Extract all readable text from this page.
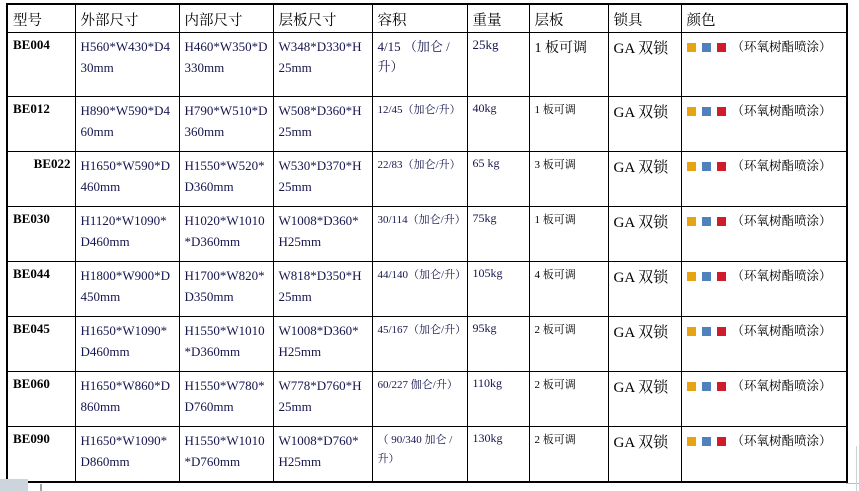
型号	外部尺寸	内部尺寸	层板尺寸	容积	重量	层板	锁具	颜色
BE004	H560*W430*D430mm	H460*W350*D330mm	W348*D330*H25mm	4/15 （加仑 / 升）	25kg	1 板可调	GA 双锁	（环氧树酯喷涂）
BE012	H890*W590*D460mm	H790*W510*D360mm	W508*D360*H25mm	12/45（加仑/升）	40kg	1 板可调	GA 双锁	（环氧树酯喷涂）
BE022	H1650*W590*D460mm	H1550*W520*D360mm	W530*D370*H25mm	22/83（加仑/升）	65 kg	3 板可调	GA 双锁	（环氧树酯喷涂）
BE030	H1120*W1090*D460mm	H1020*W1010*D360mm	W1008*D360*H25mm	30/114（加仑/升）	75kg	1 板可调	GA 双锁	（环氧树酯喷涂）
BE044	H1800*W900*D450mm	H1700*W820*D350mm	W818*D350*H25mm	44/140（加仑/升）	105kg	4 板可调	GA 双锁	（环氧树酯喷涂）
BE045	H1650*W1090*D460mm	H1550*W1010*D360mm	W1008*D360*H25mm	45/167（加仑/升）	95kg	2 板可调	GA 双锁	（环氧树酯喷涂）
BE060	H1650*W860*D860mm	H1550*W780*D760mm	W778*D760*H25mm	60/227 伽仑/升）	110kg	2 板可调	GA 双锁	（环氧树酯喷涂）
BE090	H1650*W1090*D860mm	H1550*W1010*D760mm	W1008*D760*H25mm	（ 90/340 加仑 / 升）	130kg	2 板可调	GA 双锁	（环氧树酯喷涂）
